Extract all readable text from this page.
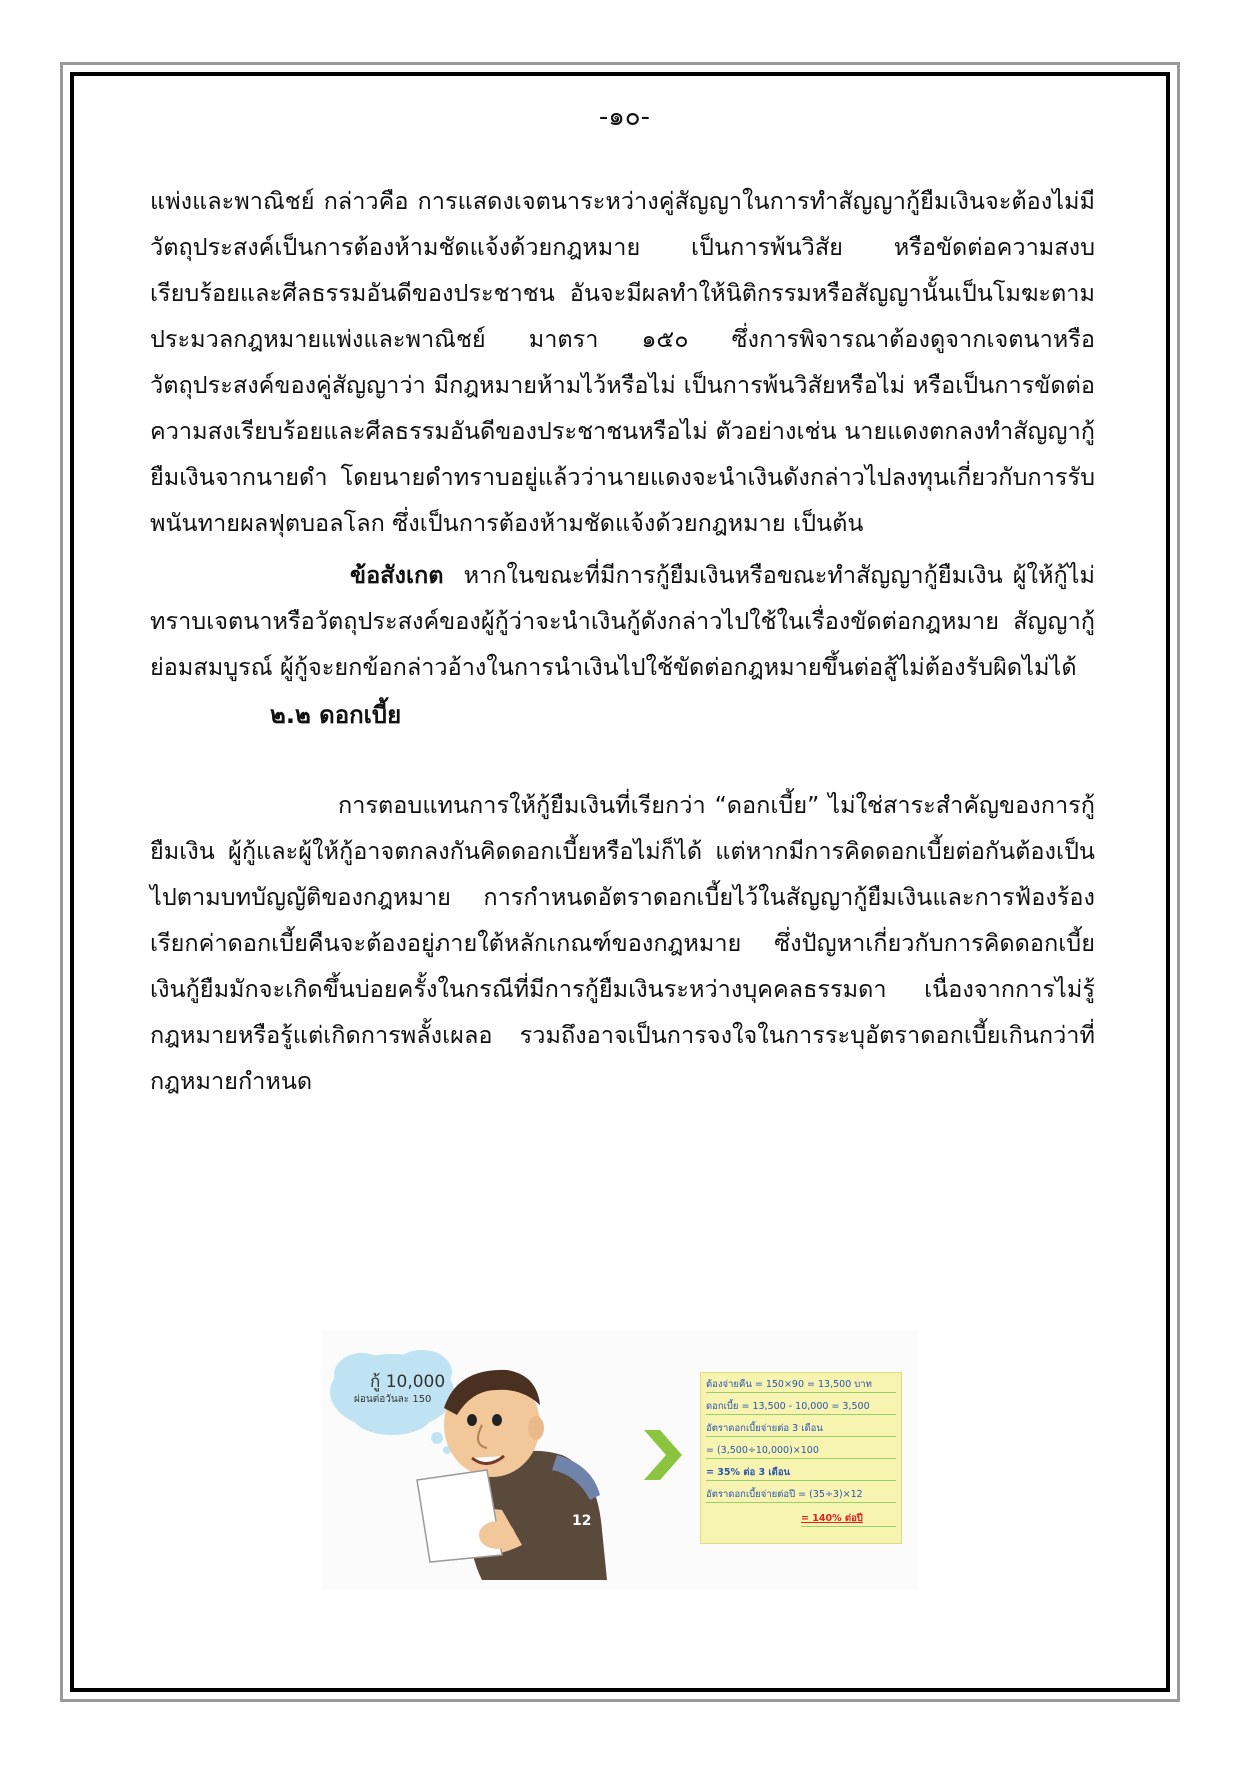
-๑๐-

แพ่งและพาณิชย์ กล่าวคือ การแสดงเจตนาระหว่างคู่สัญญาในการทำสัญญากู้ยืมเงินจะต้องไม่มีวัตถุประสงค์เป็นการต้องห้ามชัดแจ้งด้วยกฎหมาย เป็นการพ้นวิสัย หรือขัดต่อความสงบเรียบร้อยและศีลธรรมอันดีของประชาชน อันจะมีผลทำให้นิติกรรมหรือสัญญานั้นเป็นโมฆะตามประมวลกฎหมายแพ่งและพาณิชย์ มาตรา ๑๕๐ ซึ่งการพิจารณาต้องดูจากเจตนาหรือวัตถุประสงค์ของคู่สัญญาว่า มีกฎหมายห้ามไว้หรือไม่ เป็นการพ้นวิสัยหรือไม่ หรือเป็นการขัดต่อความสงเรียบร้อยและศีลธรรมอันดีของประชาชนหรือไม่ ตัวอย่างเช่น นายแดงตกลงทำสัญญากู้ยืมเงินจากนายดำ โดยนายดำทราบอยู่แล้วว่านายแดงจะนำเงินดังกล่าวไปลงทุนเกี่ยวกับการรับพนันทายผลฟุตบอลโลก ซึ่งเป็นการต้องห้ามชัดแจ้งด้วยกฎหมาย เป็นต้น

ข้อสังเกต หากในขณะที่มีการกู้ยืมเงินหรือขณะทำสัญญากู้ยืมเงิน ผู้ให้กู้ไม่ทราบเจตนาหรือวัตถุประสงค์ของผู้กู้ว่าจะนำเงินกู้ดังกล่าวไปใช้ในเรื่องขัดต่อกฎหมาย สัญญากู้ย่อมสมบูรณ์ ผู้กู้จะยกข้อกล่าวอ้างในการนำเงินไปใช้ขัดต่อกฎหมายขึ้นต่อสู้ไม่ต้องรับผิดไม่ได้

๒.๒ ดอกเบี้ย

การตอบแทนการให้กู้ยืมเงินที่เรียกว่า “ดอกเบี้ย” ไม่ใช่สาระสำคัญของการกู้ยืมเงิน ผู้กู้และผู้ให้กู้อาจตกลงกันคิดดอกเบี้ยหรือไม่ก็ได้ แต่หากมีการคิดดอกเบี้ยต่อกันต้องเป็นไปตามบทบัญญัติของกฎหมาย การกำหนดอัตราดอกเบี้ยไว้ในสัญญากู้ยืมเงินและการฟ้องร้องเรียกค่าดอกเบี้ยคืนจะต้องอยู่ภายใต้หลักเกณฑ์ของกฎหมาย ซึ่งปัญหาเกี่ยวกับการคิดดอกเบี้ยเงินกู้ยืมมักจะเกิดขึ้นบ่อยครั้งในกรณีที่มีการกู้ยืมเงินระหว่างบุคคลธรรมดา เนื่องจากการไม่รู้กฎหมายหรือรู้แต่เกิดการพลั้งเผลอ รวมถึงอาจเป็นการจงใจในการระบุอัตราดอกเบี้ยเกินกว่าที่กฎหมายกำหนด

กู้ 10,000
ผ่อนต่อวันละ 150
12
ต้องจ่ายคืน = 150×90 = 13,500 บาท
ดอกเบี้ย = 13,500 - 10,000 = 3,500
อัตราดอกเบี้ยจ่ายต่อ 3 เดือน
= (3,500÷10,000)×100
= 35% ต่อ 3 เดือน
อัตราดอกเบี้ยจ่ายต่อปี = (35÷3)×12
= 140% ต่อปี
